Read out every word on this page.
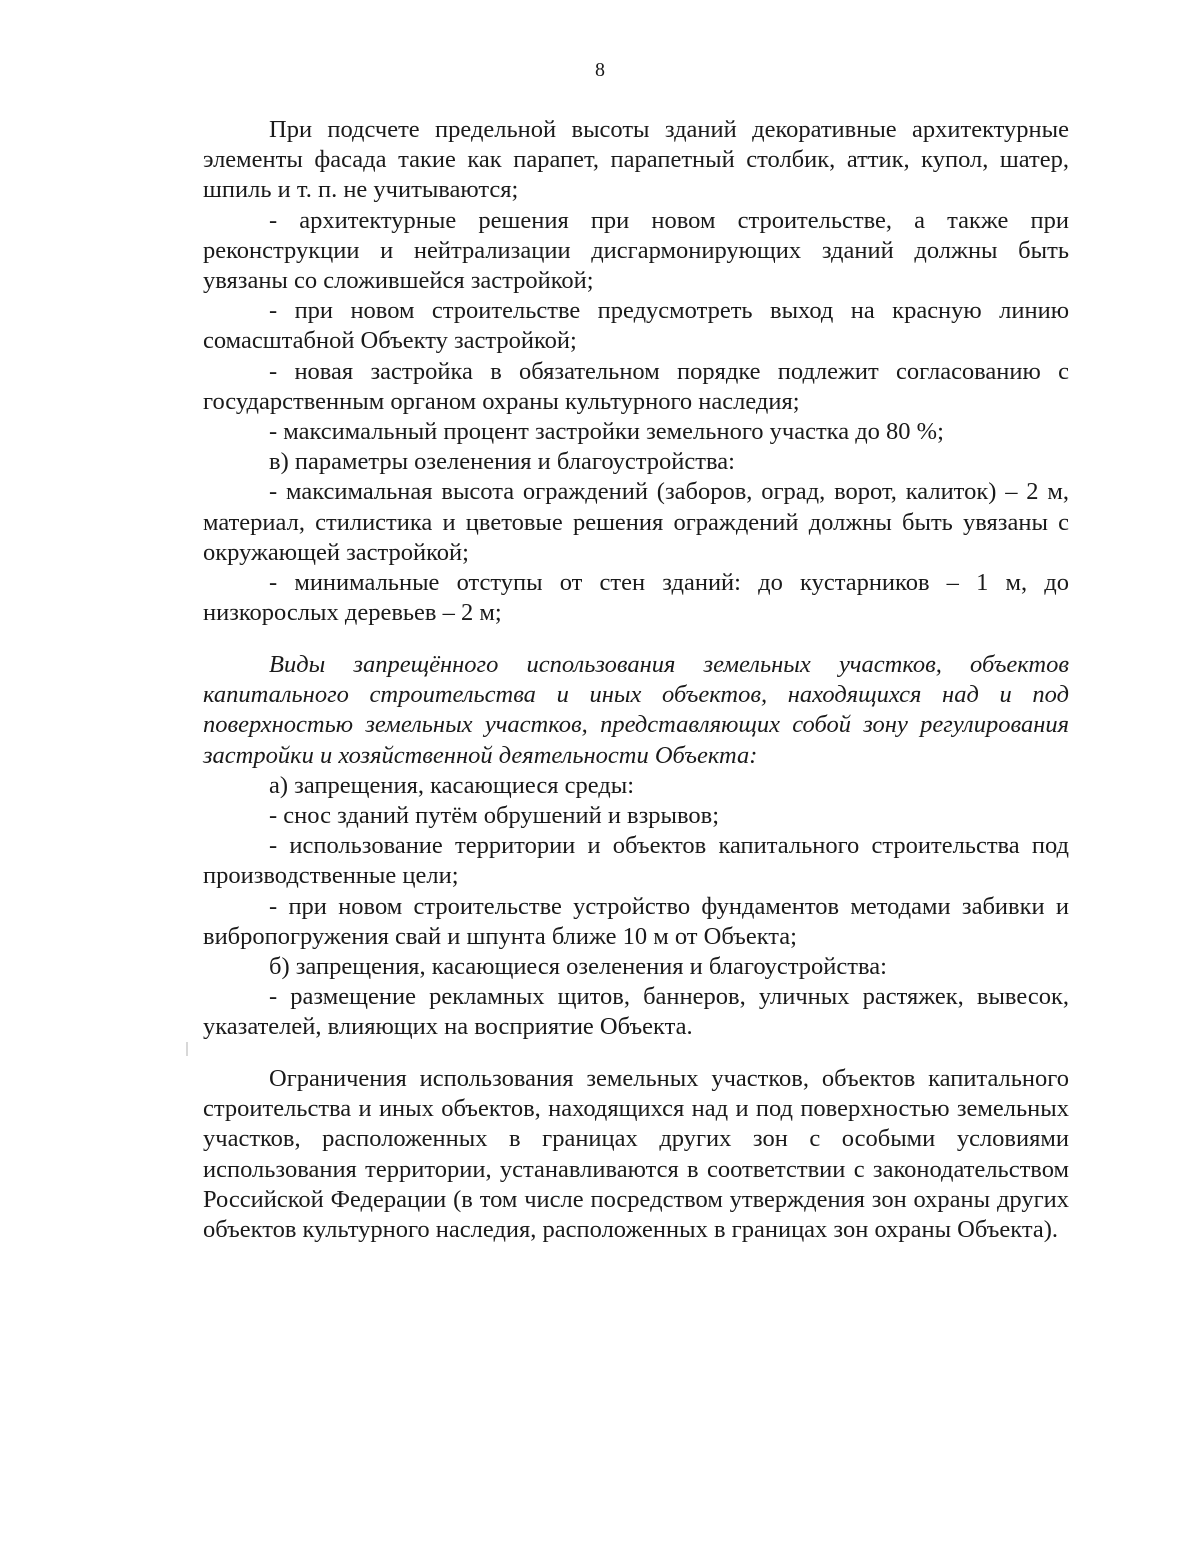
8

При подсчете предельной высоты зданий декоративные архитектурные элементы фасада такие как парапет, парапетный столбик, аттик, купол, шатер, шпиль и т. п. не учитываются;

- архитектурные решения при новом строительстве, а также при реконструкции и нейтрализации дисгармонирующих зданий должны быть увязаны со сложившейся застройкой;

- при новом строительстве предусмотреть выход на красную линию сомасштабной Объекту застройкой;

- новая застройка в обязательном порядке подлежит согласованию с государственным органом охраны культурного наследия;

- максимальный процент застройки земельного участка до 80 %;

в) параметры озеленения и благоустройства:

- максимальная высота ограждений (заборов, оград, ворот, калиток) – 2 м, материал, стилистика и цветовые решения ограждений должны быть увязаны с окружающей застройкой;

- минимальные отступы от стен зданий: до кустарников – 1 м, до низкорослых деревьев – 2 м;

Виды запрещённого использования земельных участков, объектов капитального строительства и иных объектов, находящихся над и под поверхностью земельных участков, представляющих собой зону регулирования застройки и хозяйственной деятельности Объекта:

а) запрещения, касающиеся среды:

- снос зданий путём обрушений и взрывов;

- использование территории и объектов капитального строительства под производственные цели;

- при новом строительстве устройство фундаментов методами забивки и вибропогружения свай и шпунта ближе 10 м от Объекта;

б) запрещения, касающиеся озеленения и благоустройства:

- размещение рекламных щитов, баннеров, уличных растяжек, вывесок, указателей, влияющих на восприятие Объекта.

Ограничения использования земельных участков, объектов капитального строительства и иных объектов, находящихся над и под поверхностью земельных участков, расположенных в границах других зон с особыми условиями использования территории, устанавливаются в соответствии с законодательством Российской Федерации (в том числе посредством утверждения зон охраны других объектов культурного наследия, расположенных в границах зон охраны Объекта).
